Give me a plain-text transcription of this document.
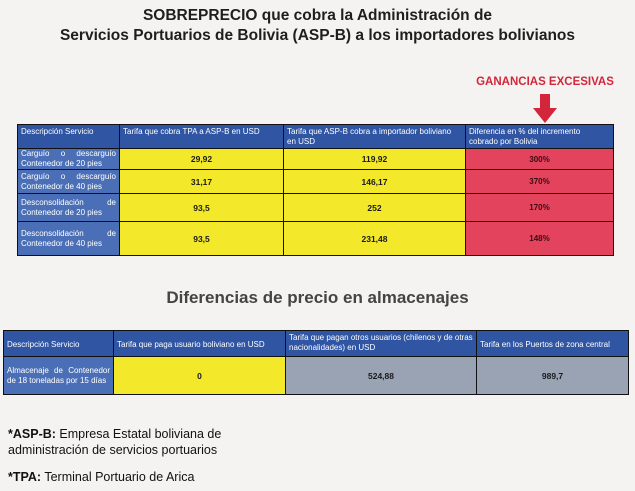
SOBREPRECIO que cobra la Administración de
Servicios Portuarios de Bolivia (ASP-B) a los importadores bolivianos
GANANCIAS EXCESIVAS
Descripción Servicio	Tarifa que cobra TPA a ASP-B en USD	Tarifa que ASP-B cobra a importador boliviano en USD	Diferencia en % del incremento cobrado por Bolivia
Carguío o descarguío Contenedor de 20 pies	29,92	119,92	300%
Carguío o descarguío Contenedor de 40 pies	31,17	146,17	370%
Desconsolidación de Contenedor de 20 pies	93,5	252	170%
Desconsolidación de Contenedor de 40 pies	93,5	231,48	148%
Diferencias de precio en almacenajes
Descripción Servicio	Tarifa que paga usuario boliviano en USD	Tarifa que pagan otros usuarios (chilenos y de otras nacionalidades) en USD	Tarifa en los Puertos de zona central
Almacenaje de Contenedor de 18 toneladas por 15 días	0	524,88	989,7
*ASP-B: Empresa Estatal boliviana de
administración de servicios portuarios
*TPA: Terminal Portuario de Arica
